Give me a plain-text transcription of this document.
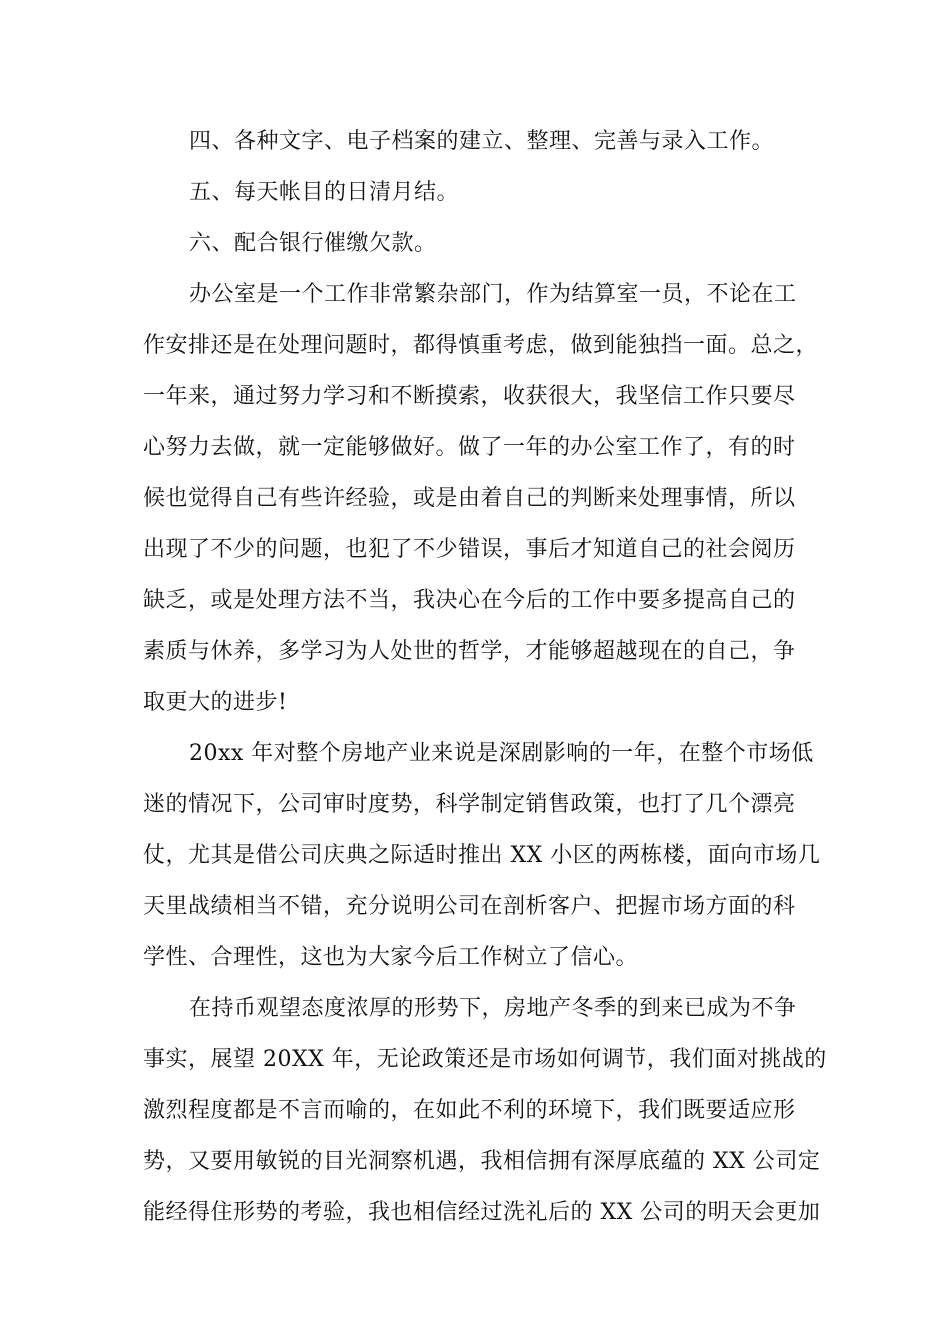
四、各种文字、电子档案的建立、整理、完善与录入工作。
五、每天帐目的日清月结。
六、配合银行催缴欠款。
办公室是一个工作非常繁杂部门，作为结算室一员，不论在工
作安排还是在处理问题时，都得慎重考虑，做到能独挡一面。总之，
一年来，通过努力学习和不断摸索，收获很大，我坚信工作只要尽
心努力去做，就一定能够做好。做了一年的办公室工作了，有的时
候也觉得自己有些许经验，或是由着自己的判断来处理事情，所以
出现了不少的问题，也犯了不少错误，事后才知道自己的社会阅历
缺乏，或是处理方法不当，我决心在今后的工作中要多提高自己的
素质与休养，多学习为人处世的哲学，才能够超越现在的自己，争
取更大的进步!
20xx 年对整个房地产业来说是深剧影响的一年，在整个市场低
迷的情况下，公司审时度势，科学制定销售政策，也打了几个漂亮
仗，尤其是借公司庆典之际适时推出 XX 小区的两栋楼，面向市场几
天里战绩相当不错，充分说明公司在剖析客户、把握市场方面的科
学性、合理性，这也为大家今后工作树立了信心。
在持币观望态度浓厚的形势下，房地产冬季的到来已成为不争
事实，展望 20XX 年，无论政策还是市场如何调节，我们面对挑战的
激烈程度都是不言而喻的，在如此不利的环境下，我们既要适应形
势，又要用敏锐的目光洞察机遇，我相信拥有深厚底蕴的 XX 公司定
能经得住形势的考验，我也相信经过洗礼后的 XX 公司的明天会更加
